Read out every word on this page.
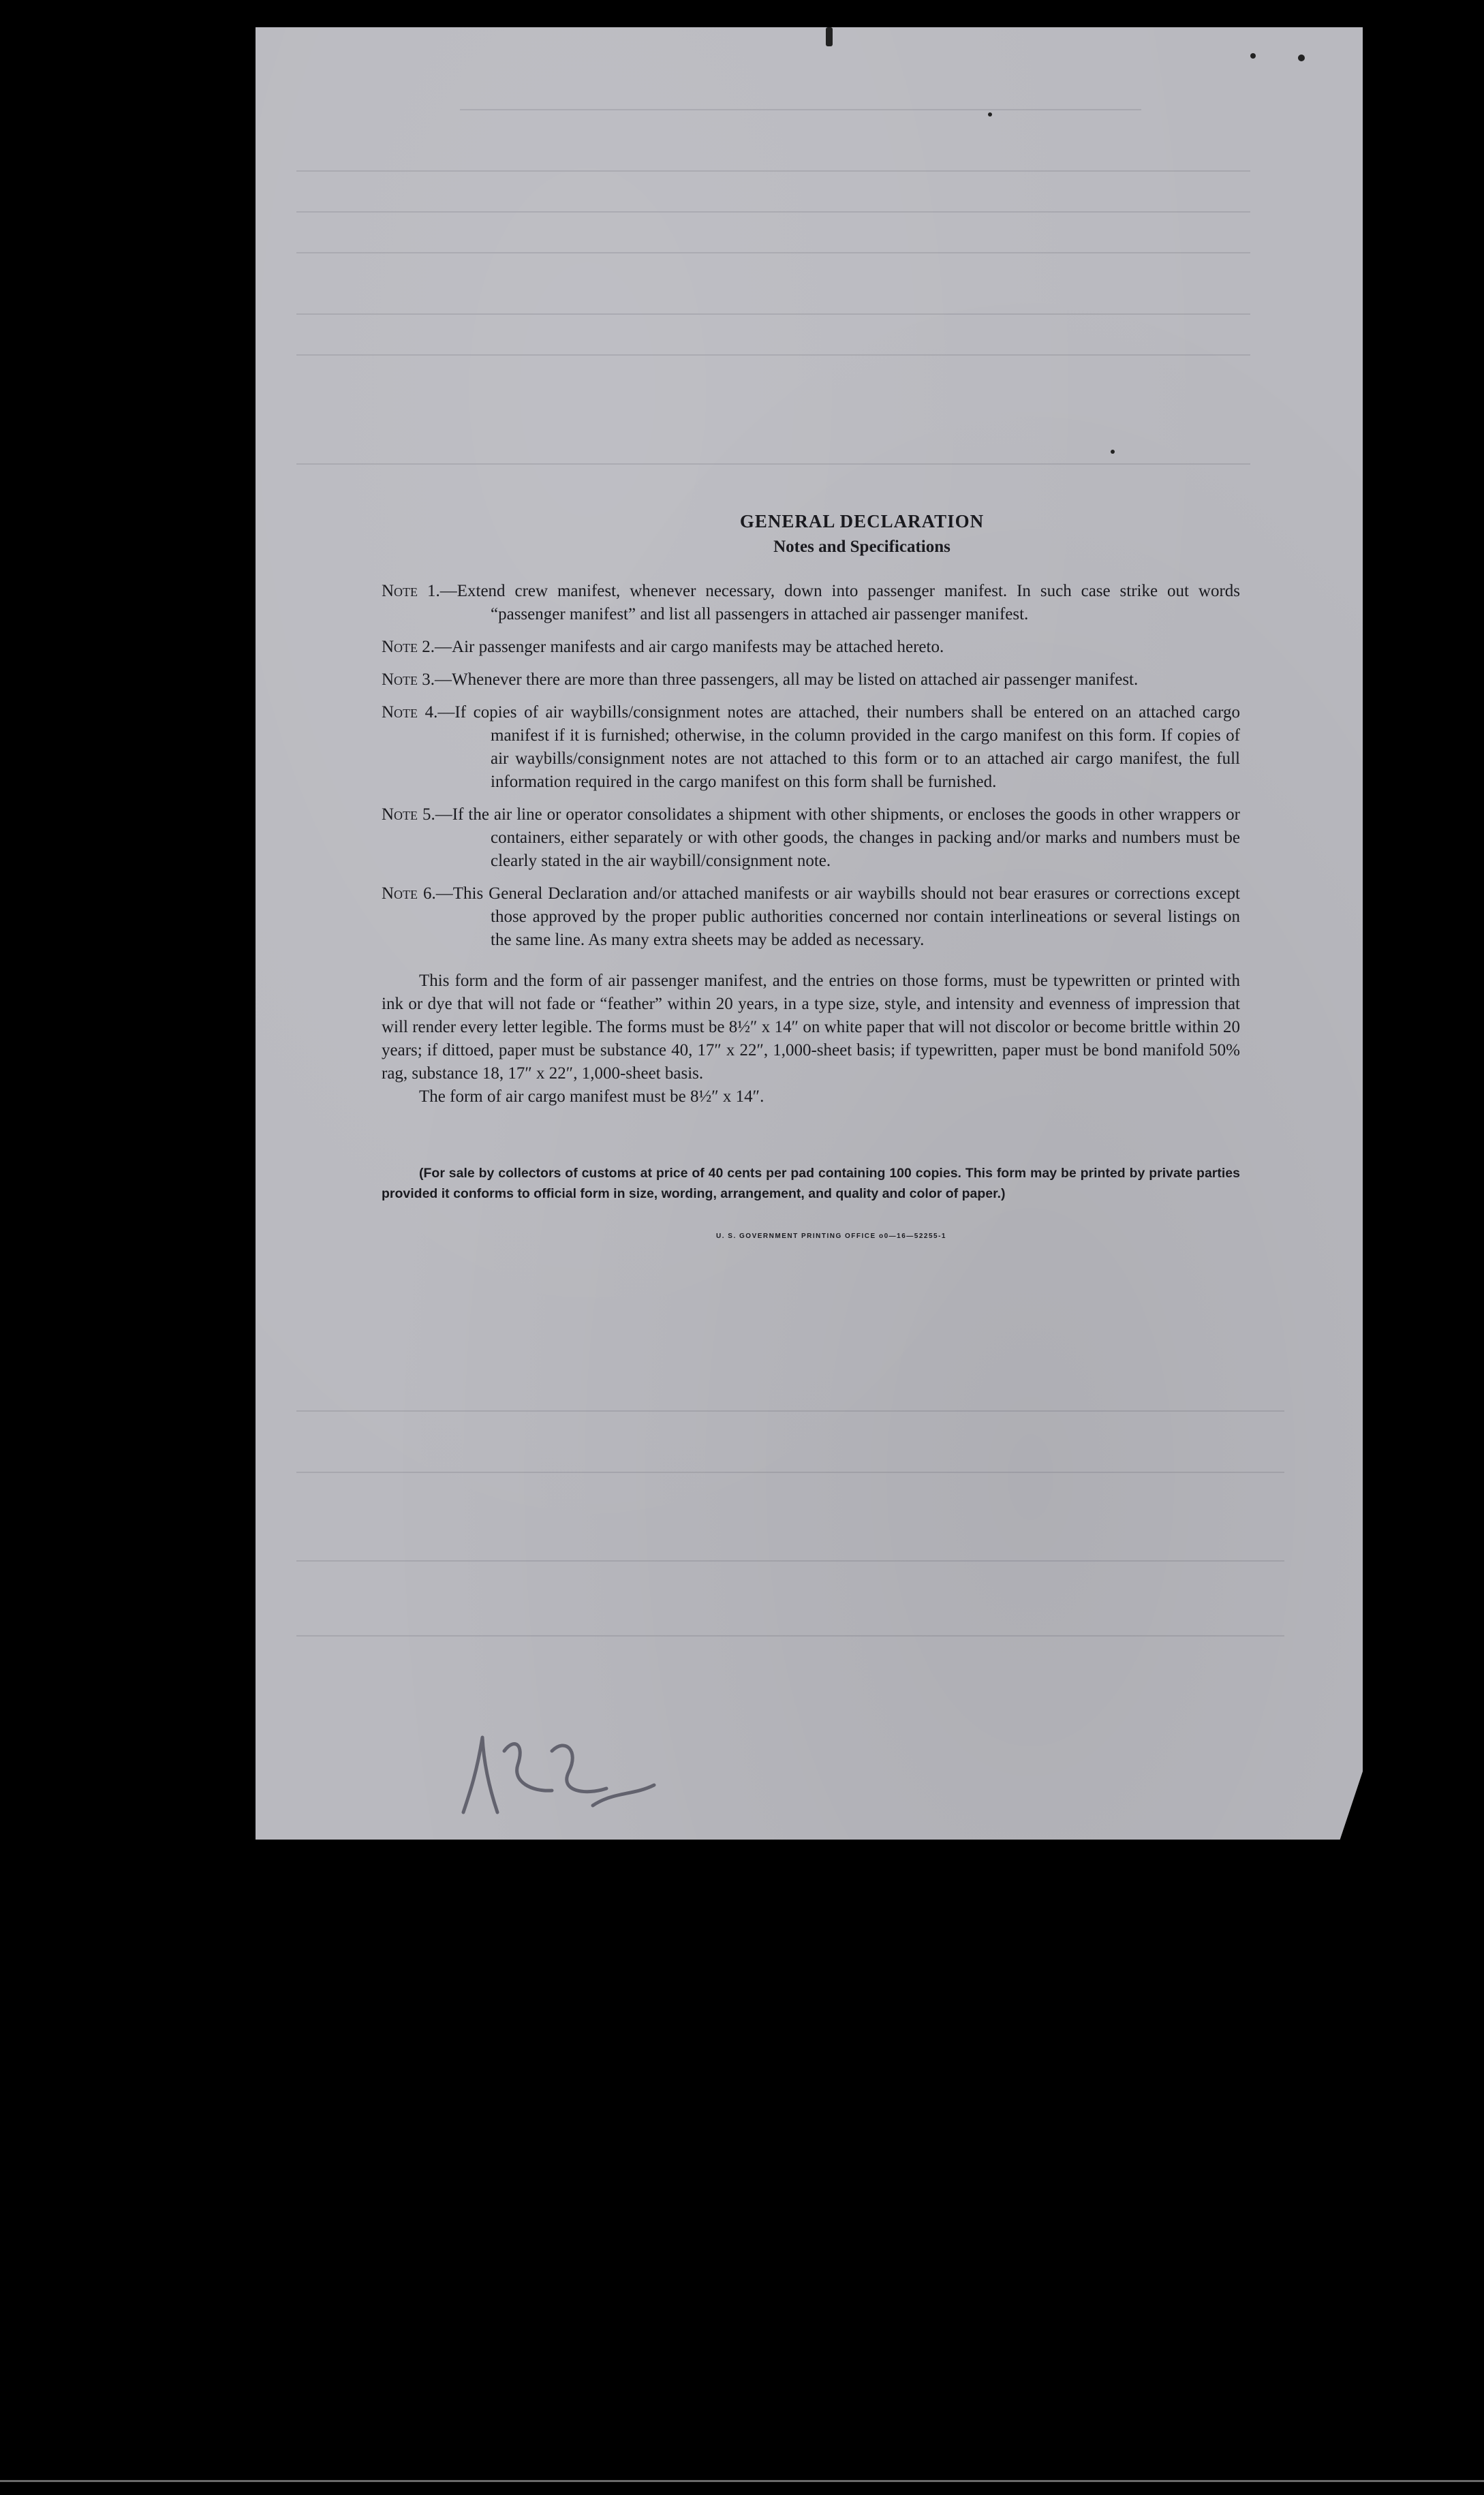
GENERAL DECLARATION
Notes and Specifications

Note 1.—Extend crew manifest, whenever necessary, down into passenger manifest. In such case strike out words “passenger manifest” and list all passengers in attached air passenger manifest.

Note 2.—Air passenger manifests and air cargo manifests may be attached hereto.

Note 3.—Whenever there are more than three passengers, all may be listed on attached air passenger manifest.

Note 4.—If copies of air waybills/consignment notes are attached, their numbers shall be entered on an attached cargo manifest if it is furnished; otherwise, in the column provided in the cargo manifest on this form. If copies of air waybills/consignment notes are not attached to this form or to an attached air cargo manifest, the full information required in the cargo manifest on this form shall be furnished.

Note 5.—If the air line or operator consolidates a shipment with other shipments, or encloses the goods in other wrappers or containers, either separately or with other goods, the changes in packing and/or marks and numbers must be clearly stated in the air waybill/consignment note.

Note 6.—This General Declaration and/or attached manifests or air waybills should not bear erasures or corrections except those approved by the proper public authorities concerned nor contain interlineations or several listings on the same line. As many extra sheets may be added as necessary.

This form and the form of air passenger manifest, and the entries on those forms, must be typewritten or printed with ink or dye that will not fade or “feather” within 20 years, in a type size, style, and intensity and evenness of impression that will render every letter legible. The forms must be 8½″ x 14″ on white paper that will not discolor or become brittle within 20 years; if dittoed, paper must be substance 40, 17″ x 22″, 1,000-sheet basis; if typewritten, paper must be bond manifold 50% rag, substance 18, 17″ x 22″, 1,000-sheet basis.

The form of air cargo manifest must be 8½″ x 14″.

(For sale by collectors of customs at price of 40 cents per pad containing 100 copies. This form may be printed by private parties provided it conforms to official form in size, wording, arrangement, and quality and color of paper.)

U. S. GOVERNMENT PRINTING OFFICE o0—16—52255-1
